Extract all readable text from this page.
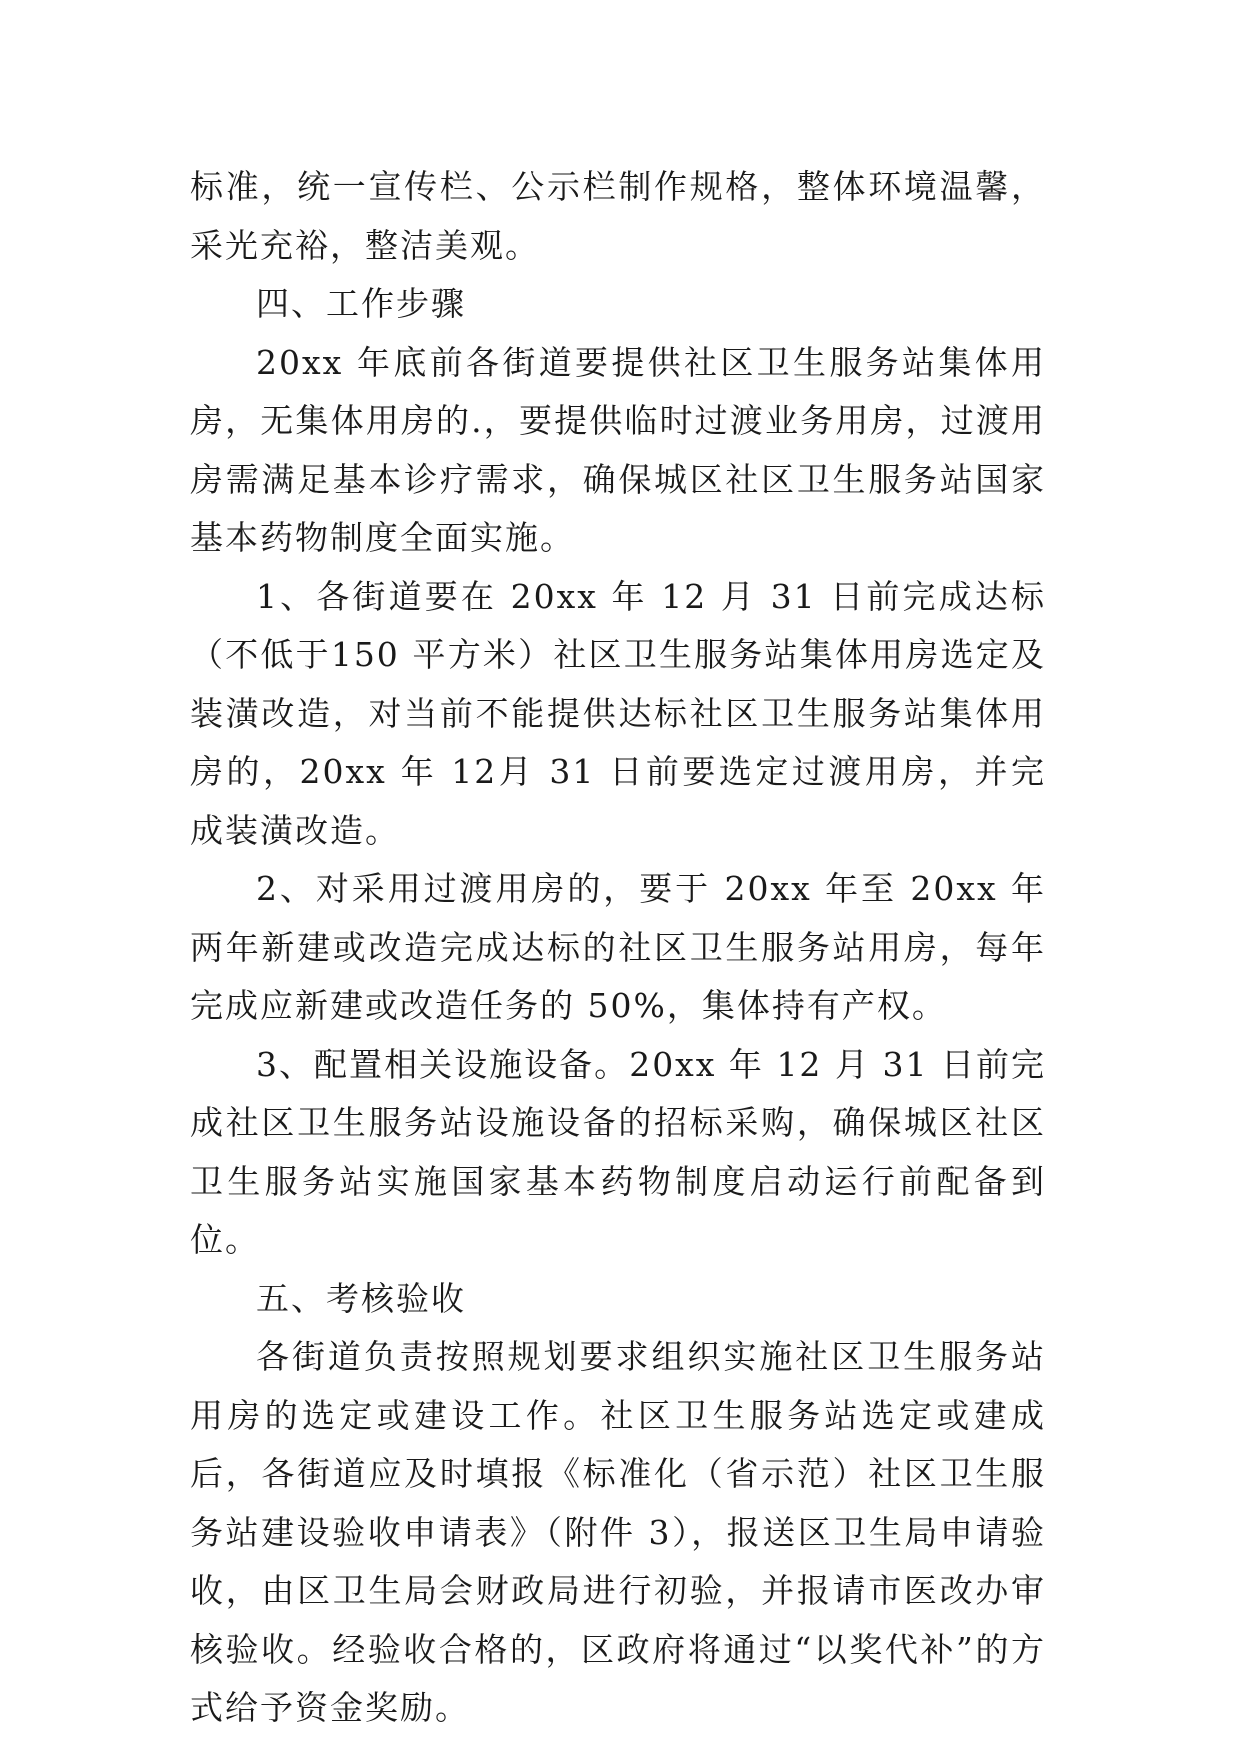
标准，统一宣传栏、公示栏制作规格，整体环境温馨，采光充裕，整洁美观。

四、工作步骤

20xx 年底前各街道要提供社区卫生服务站集体用房，无集体用房的.，要提供临时过渡业务用房，过渡用房需满足基本诊疗需求，确保城区社区卫生服务站国家基本药物制度全面实施。

1、各街道要在 20xx 年 12 月 31 日前完成达标（不低于150 平方米）社区卫生服务站集体用房选定及装潢改造，对当前不能提供达标社区卫生服务站集体用房的，20xx 年 12月 31 日前要选定过渡用房，并完成装潢改造。

2、对采用过渡用房的，要于 20xx 年至 20xx 年两年新建或改造完成达标的社区卫生服务站用房，每年完成应新建或改造任务的 50%，集体持有产权。

3、配置相关设施设备。20xx 年 12 月 31 日前完成社区卫生服务站设施设备的招标采购，确保城区社区卫生服务站实施国家基本药物制度启动运行前配备到位。

五、考核验收

各街道负责按照规划要求组织实施社区卫生服务站用房的选定或建设工作。社区卫生服务站选定或建成后，各街道应及时填报《标准化（省示范）社区卫生服务站建设验收申请表》（附件 3），报送区卫生局申请验收，由区卫生局会财政局进行初验，并报请市医改办审核验收。经验收合格的，区政府将通过“以奖代补”的方式给予资金奖励。
